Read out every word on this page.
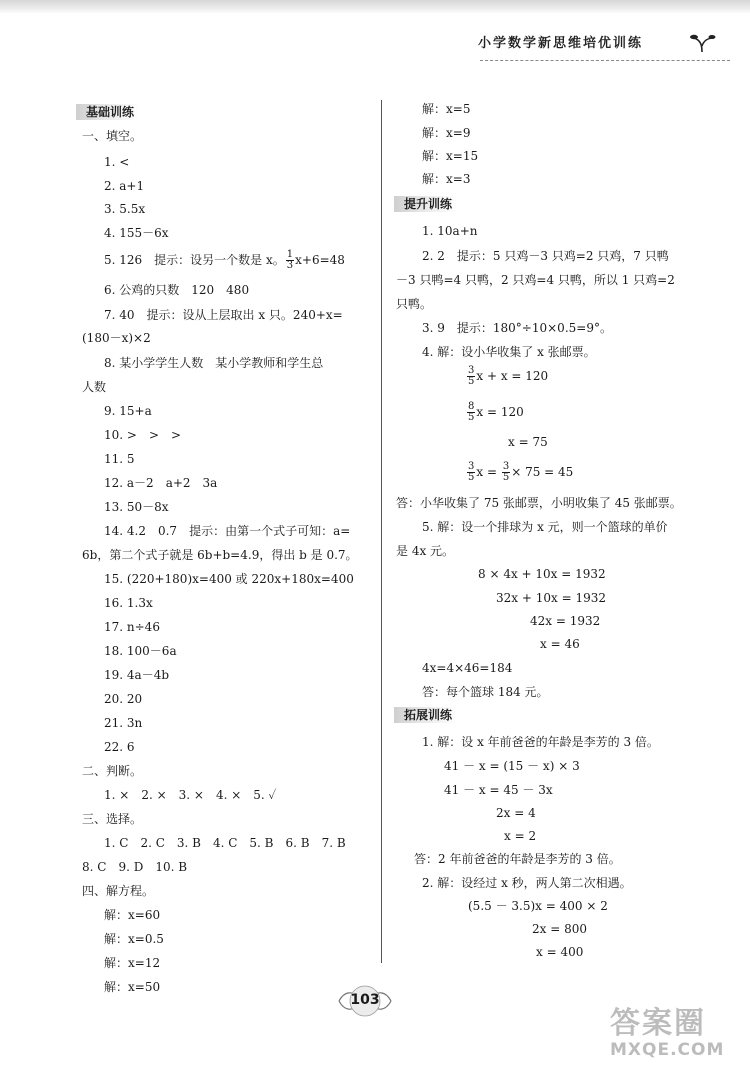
小学数学新思维培优训练
基础训练
一、填空。
1. <
2. a+1
3. 5.5x
4. 155－6x
5. 126　提示：设另一个数是 x。 $\frac{1}{3} x+6=48$
6. 公鸡的只数　120　480
7. 40　提示：设从上层取出 x 只。240+x=
(180－x)×2
8. 某小学学生人数　某小学教师和学生总
人数
9. 15+a
10. >　>　>
11. 5
12. a－2　a+2　3a
13. 50－8x
14. 4.2　0.7　提示：由第一个式子可知：a=
6b，第二个式子就是 6b+b=4.9，得出 b 是 0.7。
15. (220+180)x=400 或 220x+180x=400
16. 1.3x
17. n÷46
18. 100－6a
19. 4a－4b
20. 20
21. 3n
22. 6
二、判断。
1. ×　2. ×　3. ×　4. ×　5. ✓
三、选择。
1. C　2. C　3. B　4. C　5. B　6. B　7. B
8. C　9. D　10. B
四、解方程。
解：x=60
解：x=0.5
解：x=12
解：x=50
解：x=5
解：x=9
解：x=15
解：x=3
提升训练
1. 10a+n
2. 2　提示：5 只鸡－3 只鸡=2 只鸡，7 只鸭
－3 只鸭=4 只鸭，2 只鸡=4 只鸭，所以 1 只鸡=2
只鸭。
3. 9　提示：180°÷10×0.5=9°。
4. 解：设小华收集了 x 张邮票。
$\frac{3}{5}$ x + x = 120
$\frac{8}{5}$ x = 120
x = 75
$\frac{3}{5}$ $x = \frac{3}{5} \times 75 = 45$
答：小华收集了 75 张邮票，小明收集了 45 张邮票。
5. 解：设一个排球为 x 元，则一个篮球的单价
是 4x 元。
8 × 4x + 10x = 1932
32x + 10x = 1932
42x = 1932
x = 46
4x=4×46=184
答：每个篮球 184 元。
拓展训练
1. 解：设 x 年前爸爸的年龄是李芳的 3 倍。
41 － x = (15 － x) × 3
41 － x = 45 － 3x
2x = 4
x = 2
答：2 年前爸爸的年龄是李芳的 3 倍。
2. 解：设经过 x 秒，两人第二次相遇。
(5.5 － 3.5)x = 400 × 2
2x = 800
x = 400
103
答案圈
MXQE.COM
